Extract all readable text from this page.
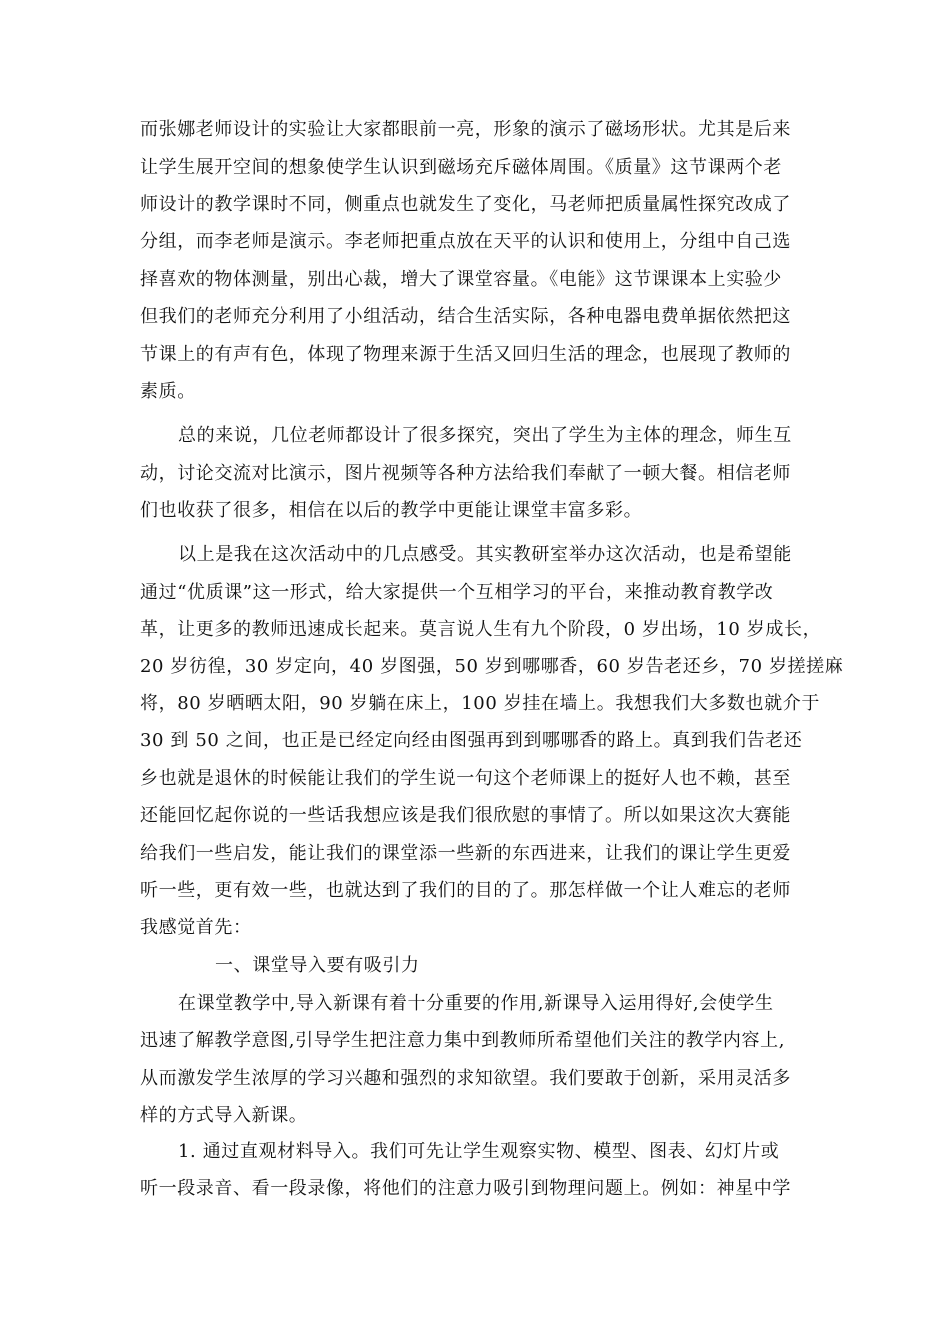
而张娜老师设计的实验让大家都眼前一亮，形象的演示了磁场形状。尤其是后来
让学生展开空间的想象使学生认识到磁场充斥磁体周围。《质量》这节课两个老
师设计的教学课时不同，侧重点也就发生了变化，马老师把质量属性探究改成了
分组，而李老师是演示。李老师把重点放在天平的认识和使用上，分组中自己选
择喜欢的物体测量，别出心裁，增大了课堂容量。《电能》这节课课本上实验少
但我们的老师充分利用了小组活动，结合生活实际，各种电器电费单据依然把这
节课上的有声有色，体现了物理来源于生活又回归生活的理念，也展现了教师的
素质。
总的来说，几位老师都设计了很多探究，突出了学生为主体的理念，师生互
动，讨论交流对比演示，图片视频等各种方法给我们奉献了一顿大餐。相信老师
们也收获了很多，相信在以后的教学中更能让课堂丰富多彩。
以上是我在这次活动中的几点感受。其实教研室举办这次活动，也是希望能
通过“优质课”这一形式，给大家提供一个互相学习的平台，来推动教育教学改
革，让更多的教师迅速成长起来。莫言说人生有九个阶段，0 岁出场，10 岁成长，
20 岁彷徨，30 岁定向，40 岁图强，50 岁到哪哪香，60 岁告老还乡，70 岁搓搓麻
将，80 岁晒晒太阳，90 岁躺在床上，100 岁挂在墙上。我想我们大多数也就介于
30 到 50 之间，也正是已经定向经由图强再到到哪哪香的路上。真到我们告老还
乡也就是退休的时候能让我们的学生说一句这个老师课上的挺好人也不赖，甚至
还能回忆起你说的一些话我想应该是我们很欣慰的事情了。所以如果这次大赛能
给我们一些启发，能让我们的课堂添一些新的东西进来，让我们的课让学生更爱
听一些，更有效一些，也就达到了我们的目的了。那怎样做一个让人难忘的老师
我感觉首先：
一、课堂导入要有吸引力
在课堂教学中,导入新课有着十分重要的作用,新课导入运用得好,会使学生
迅速了解教学意图,引导学生把注意力集中到教师所希望他们关注的教学内容上,
从而激发学生浓厚的学习兴趣和强烈的求知欲望。我们要敢于创新，采用灵活多
样的方式导入新课。
1. 通过直观材料导入。我们可先让学生观察实物、模型、图表、幻灯片或
听一段录音、看一段录像，将他们的注意力吸引到物理问题上。例如：神星中学
